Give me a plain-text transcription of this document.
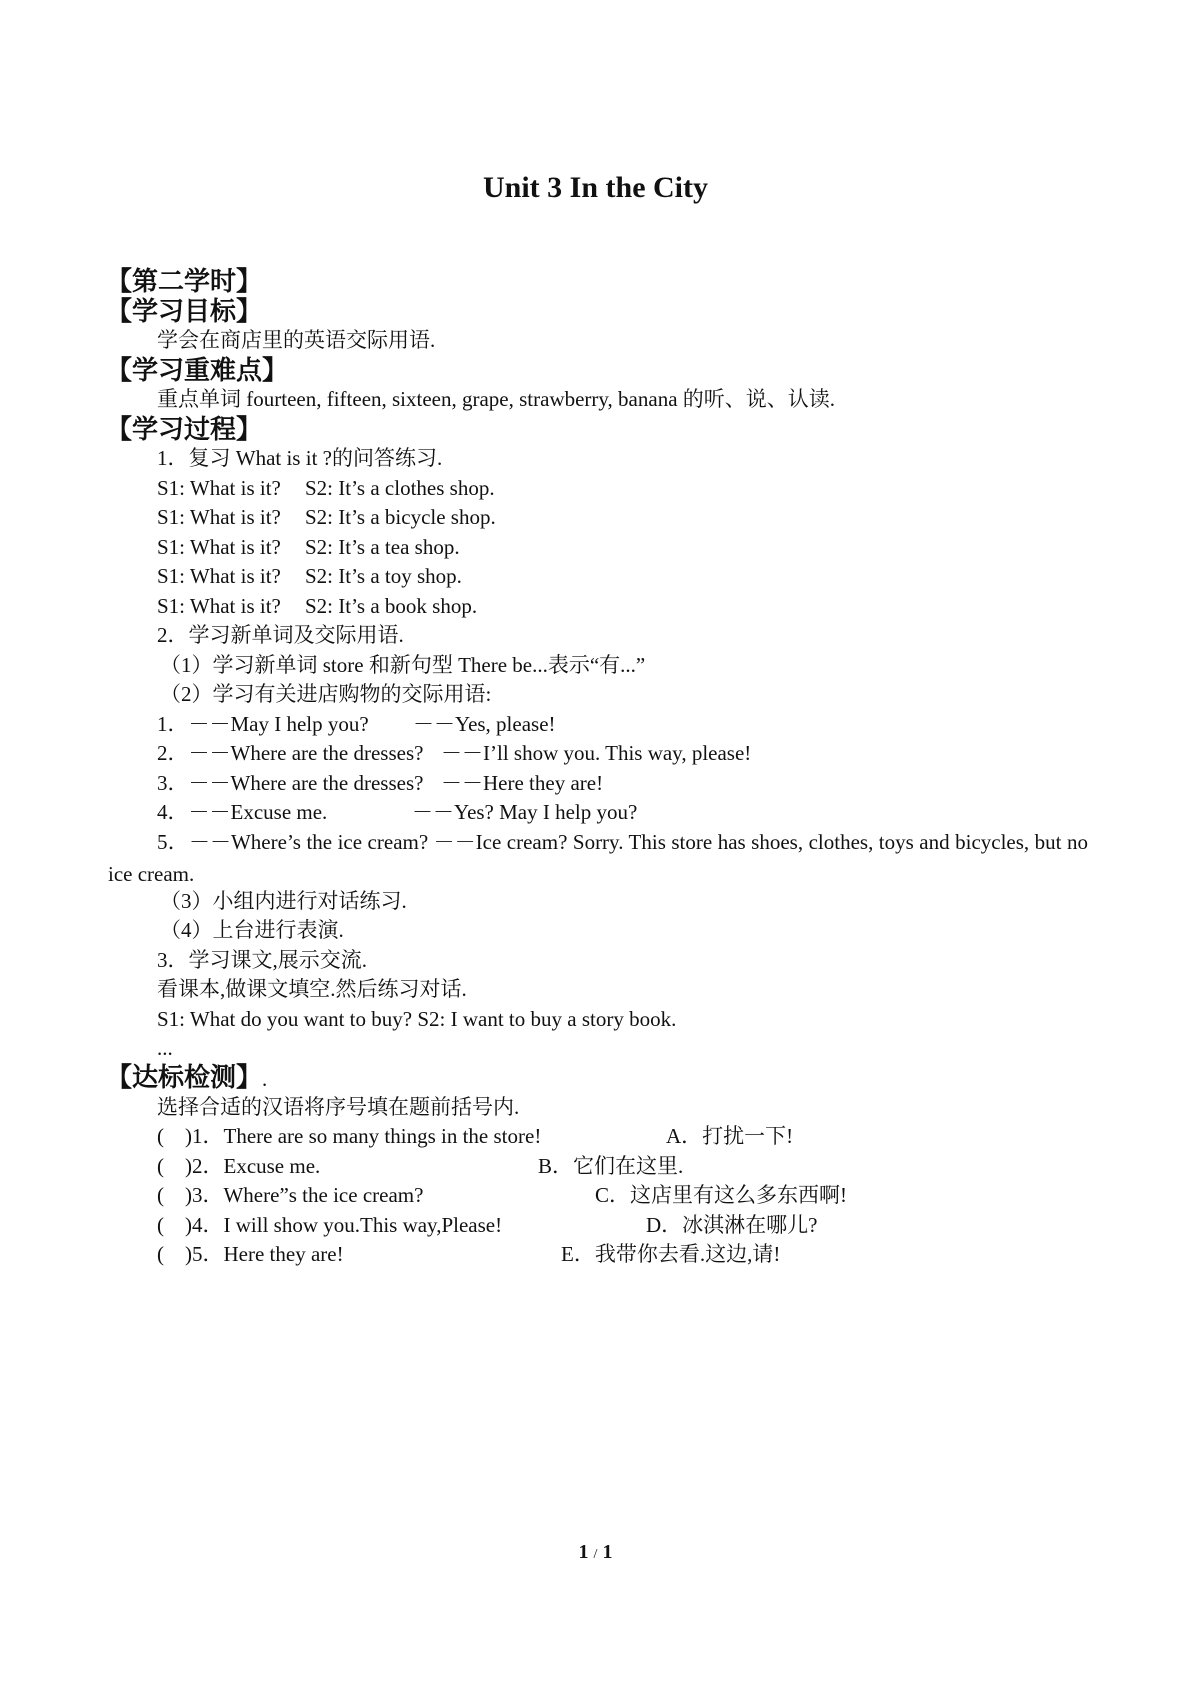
Unit 3 In the City
【第二学时】
【学习目标】
学会在商店里的英语交际用语.
【学习重难点】
重点单词 fourteen, fifteen, sixteen, grape, strawberry, banana 的听、说、认读.
【学习过程】
1．复习 What is it ?的问答练习.
S1: What is it? S2: It’s a clothes shop.
S1: What is it? S2: It’s a bicycle shop.
S1: What is it? S2: It’s a tea shop.
S1: What is it? S2: It’s a toy shop.
S1: What is it? S2: It’s a book shop.
2．学习新单词及交际用语.
（1）学习新单词 store 和新句型 There be...表示“有...”
（2）学习有关进店购物的交际用语:
1．－－May I help you? －－Yes, please!
2．－－Where are the dresses? －－I’ll show you. This way, please!
3．－－Where are the dresses? －－Here they are!
4．－－Excuse me.	－－Yes? May I help you?
5．－－Where’s the ice cream? －－Ice cream? Sorry. This store has shoes, clothes, toys and bicycles, but no ice cream.
（3）小组内进行对话练习.
（4）上台进行表演.
3．学习课文,展示交流.
看课本,做课文填空.然后练习对话.
S1: What do you want to buy? S2: I want to buy a story book.
...
【达标检测】.
选择合适的汉语将序号填在题前括号内.
(　)1．There are so many things in the store!	A．打扰一下!
(　)2．Excuse me.	B．它们在这里.
(　)3．Where”s the ice cream?	C．这店里有这么多东西啊!
(　)4．I will show you.This way,Please!	D．冰淇淋在哪儿?
(　)5．Here they are!	E．我带你去看.这边,请!
1 / 1
